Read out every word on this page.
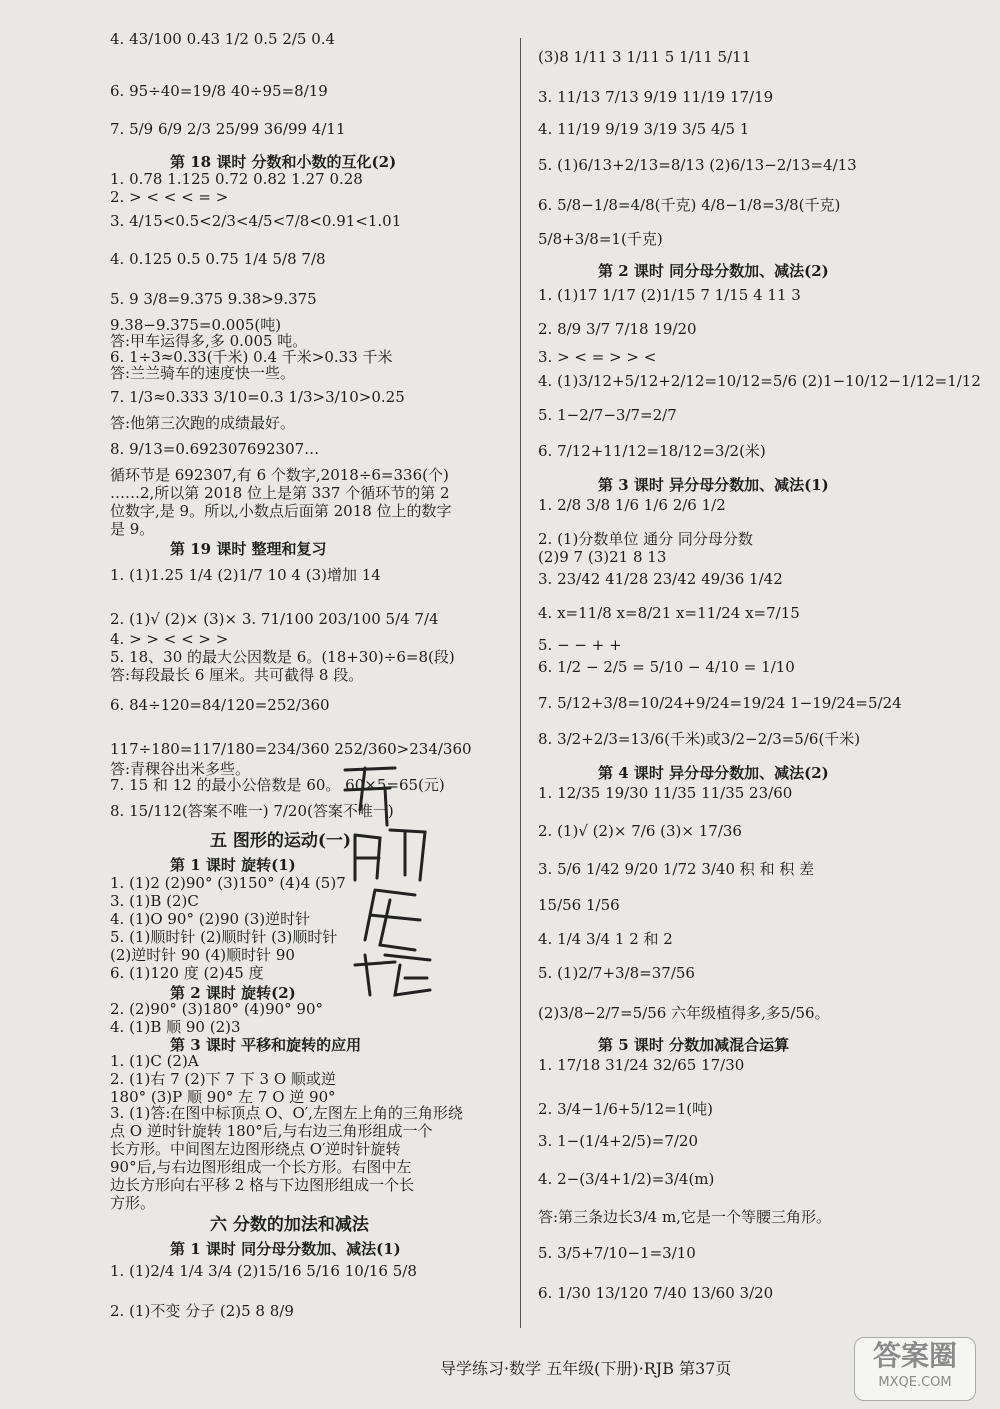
4. 43/100 0.43 1/2 0.5 2/5 0.4
6. 95÷40=19/8 40÷95=8/19
7. 5/9 6/9 2/3 25/99 36/99 4/11
第 18 课时 分数和小数的互化(2)
1. 0.78 1.125 0.72 0.82 1.27 0.28
2. > < < < = >
3. 4/15<0.5<2/3<4/5<7/8<0.91<1.01
4. 0.125 0.5 0.75 1/4 5/8 7/8
5. 9 3/8=9.375 9.38>9.375
9.38−9.375=0.005(吨)
答:甲车运得多,多 0.005 吨。
6. 1÷3≈0.33(千米) 0.4 千米>0.33 千米
答:兰兰骑车的速度快一些。
7. 1/3≈0.333 3/10=0.3 1/3>3/10>0.25
答:他第三次跑的成绩最好。
8. 9/13=0.692307692307…
循环节是 692307,有 6 个数字,2018÷6=336(个)
……2,所以第 2018 位上是第 337 个循环节的第 2
位数字,是 9。所以,小数点后面第 2018 位上的数字
是 9。
第 19 课时 整理和复习
1. (1)1.25 1/4 (2)1/7 10 4 (3)增加 14
2. (1)√ (2)× (3)× 3. 71/100 203/100 5/4 7/4
4. > > < < > >
5. 18、30 的最大公因数是 6。(18+30)÷6=8(段)
答:每段最长 6 厘米。共可截得 8 段。
6. 84÷120=84/120=252/360
117÷180=117/180=234/360 252/360>234/360
答:青稞谷出米多些。
7. 15 和 12 的最小公倍数是 60。 60×5=65(元)
8. 15/112(答案不唯一) 7/20(答案不唯一)
五 图形的运动(一)
第 1 课时 旋转(1)
1. (1)2 (2)90° (3)150° (4)4 (5)7
3. (1)B (2)C
4. (1)O 90° (2)90 (3)逆时针
5. (1)顺时针 (2)顺时针 (3)顺时针
(2)逆时针 90 (4)顺时针 90
6. (1)120 度 (2)45 度
第 2 课时 旋转(2)
2. (2)90° (3)180° (4)90° 90°
4. (1)B 顺 90 (2)3
第 3 课时 平移和旋转的应用
1. (1)C (2)A
2. (1)右 7 (2)下 7 下 3 O 顺或逆
180° (3)P 顺 90° 左 7 O 逆 90°
3. (1)答:在图中标顶点 O、O′,左图左上角的三角形绕
点 O 逆时针旋转 180°后,与右边三角形组成一个
长方形。中间图左边图形绕点 O′逆时针旋转
90°后,与右边图形组成一个长方形。右图中左
边长方形向右平移 2 格与下边图形组成一个长
方形。
六 分数的加法和减法
第 1 课时 同分母分数加、减法(1)
1. (1)2/4 1/4 3/4 (2)15/16 5/16 10/16 5/8
2. (1)不变 分子 (2)5 8 8/9
(3)8 1/11 3 1/11 5 1/11 5/11
3. 11/13 7/13 9/19 11/19 17/19
4. 11/19 9/19 3/19 3/5 4/5 1
5. (1)6/13+2/13=8/13 (2)6/13−2/13=4/13
6. 5/8−1/8=4/8(千克) 4/8−1/8=3/8(千克)
5/8+3/8=1(千克)
第 2 课时 同分母分数加、减法(2)
1. (1)17 1/17 (2)1/15 7 1/15 4 11 3
2. 8/9 3/7 7/18 19/20
3. > < = > > <
4. (1)3/12+5/12+2/12=10/12=5/6 (2)1−10/12−1/12=1/12
5. 1−2/7−3/7=2/7
6. 7/12+11/12=18/12=3/2(米)
第 3 课时 异分母分数加、减法(1)
1. 2/8 3/8 1/6 1/6 2/6 1/2
2. (1)分数单位 通分 同分母分数
(2)9 7 (3)21 8 13
3. 23/42 41/28 23/42 49/36 1/42
4. x=11/8 x=8/21 x=11/24 x=7/15
5. − − + +
6. 1/2 − 2/5 = 5/10 − 4/10 = 1/10
7. 5/12+3/8=10/24+9/24=19/24 1−19/24=5/24
8. 3/2+2/3=13/6(千米)或3/2−2/3=5/6(千米)
第 4 课时 异分母分数加、减法(2)
1. 12/35 19/30 11/35 11/35 23/60
2. (1)√ (2)× 7/6 (3)× 17/36
3. 5/6 1/42 9/20 1/72 3/40 积 和 积 差
15/56 1/56
4. 1/4 3/4 1 2 和 2
5. (1)2/7+3/8=37/56
(2)3/8−2/7=5/56 六年级植得多,多5/56。
第 5 课时 分数加减混合运算
1. 17/18 31/24 32/65 17/30
2. 3/4−1/6+5/12=1(吨)
3. 1−(1/4+2/5)=7/20
4. 2−(3/4+1/2)=3/4(m)
答:第三条边长3/4 m,它是一个等腰三角形。
5. 3/5+7/10−1=3/10
6. 1/30 13/120 7/40 13/60 3/20
导学练习·数学 五年级(下册)·RJB 第37页	答案圈
MXQE.COM
